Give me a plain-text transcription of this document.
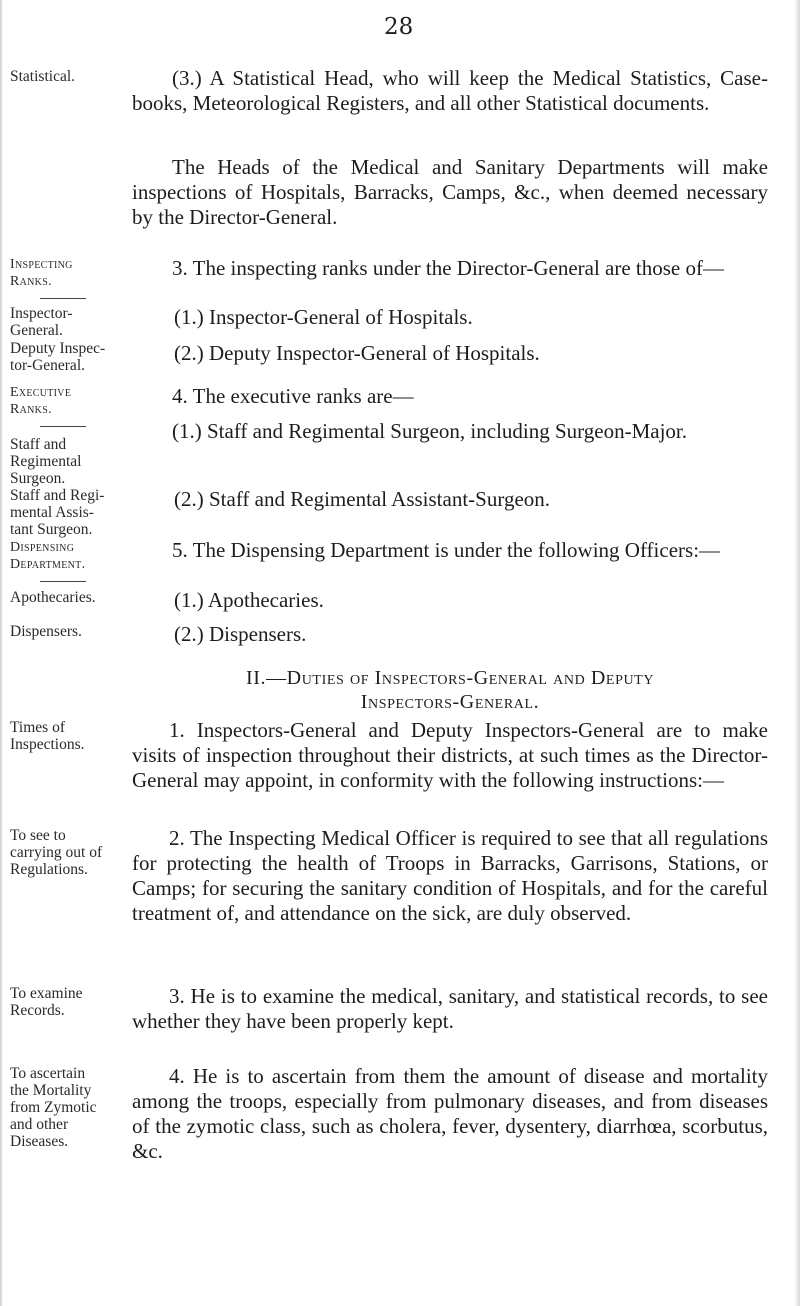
28
Statistical.
Inspecting
Ranks.
Inspector-
General.
Deputy Inspec-
tor-General.
Executive
Ranks.
Staff and
Regimental
Surgeon.
Staff and Regi-
mental Assis-
tant Surgeon.
Dispensing
Department.
Apothecaries.
Dispensers.
Times of
Inspections.
To see to
carrying out of
Regulations.
To examine
Records.
To ascertain
the Mortality
from Zymotic
and other
Diseases.
(3.) A Statistical Head, who will keep the Medical Statistics, Case-books, Meteorological Registers, and all other Statistical documents.
The Heads of the Medical and Sanitary Departments will make inspections of Hospitals, Barracks, Camps, &c., when deemed necessary by the Director-General.
3. The inspecting ranks under the Director-General are those of—
(1.) Inspector-General of Hospitals.
(2.) Deputy Inspector-General of Hospitals.
4. The executive ranks are—
(1.) Staff and Regimental Surgeon, including Surgeon-Major.
(2.) Staff and Regimental Assistant-Surgeon.
5. The Dispensing Department is under the following Officers:—
(1.) Apothecaries.
(2.) Dispensers.
II.—Duties of Inspectors-General and Deputy
Inspectors-General.
1. Inspectors-General and Deputy Inspectors-General are to make visits of inspection throughout their districts, at such times as the Director-General may appoint, in conformity with the following instructions:—
2. The Inspecting Medical Officer is required to see that all regulations for protecting the health of Troops in Barracks, Garrisons, Stations, or Camps; for securing the sanitary condition of Hospitals, and for the careful treatment of, and attendance on the sick, are duly observed.
3. He is to examine the medical, sanitary, and statistical records, to see whether they have been properly kept.
4. He is to ascertain from them the amount of disease and mortality among the troops, especially from pulmonary diseases, and from diseases of the zymotic class, such as cholera, fever, dysentery, diarrhœa, scorbutus, &c.
